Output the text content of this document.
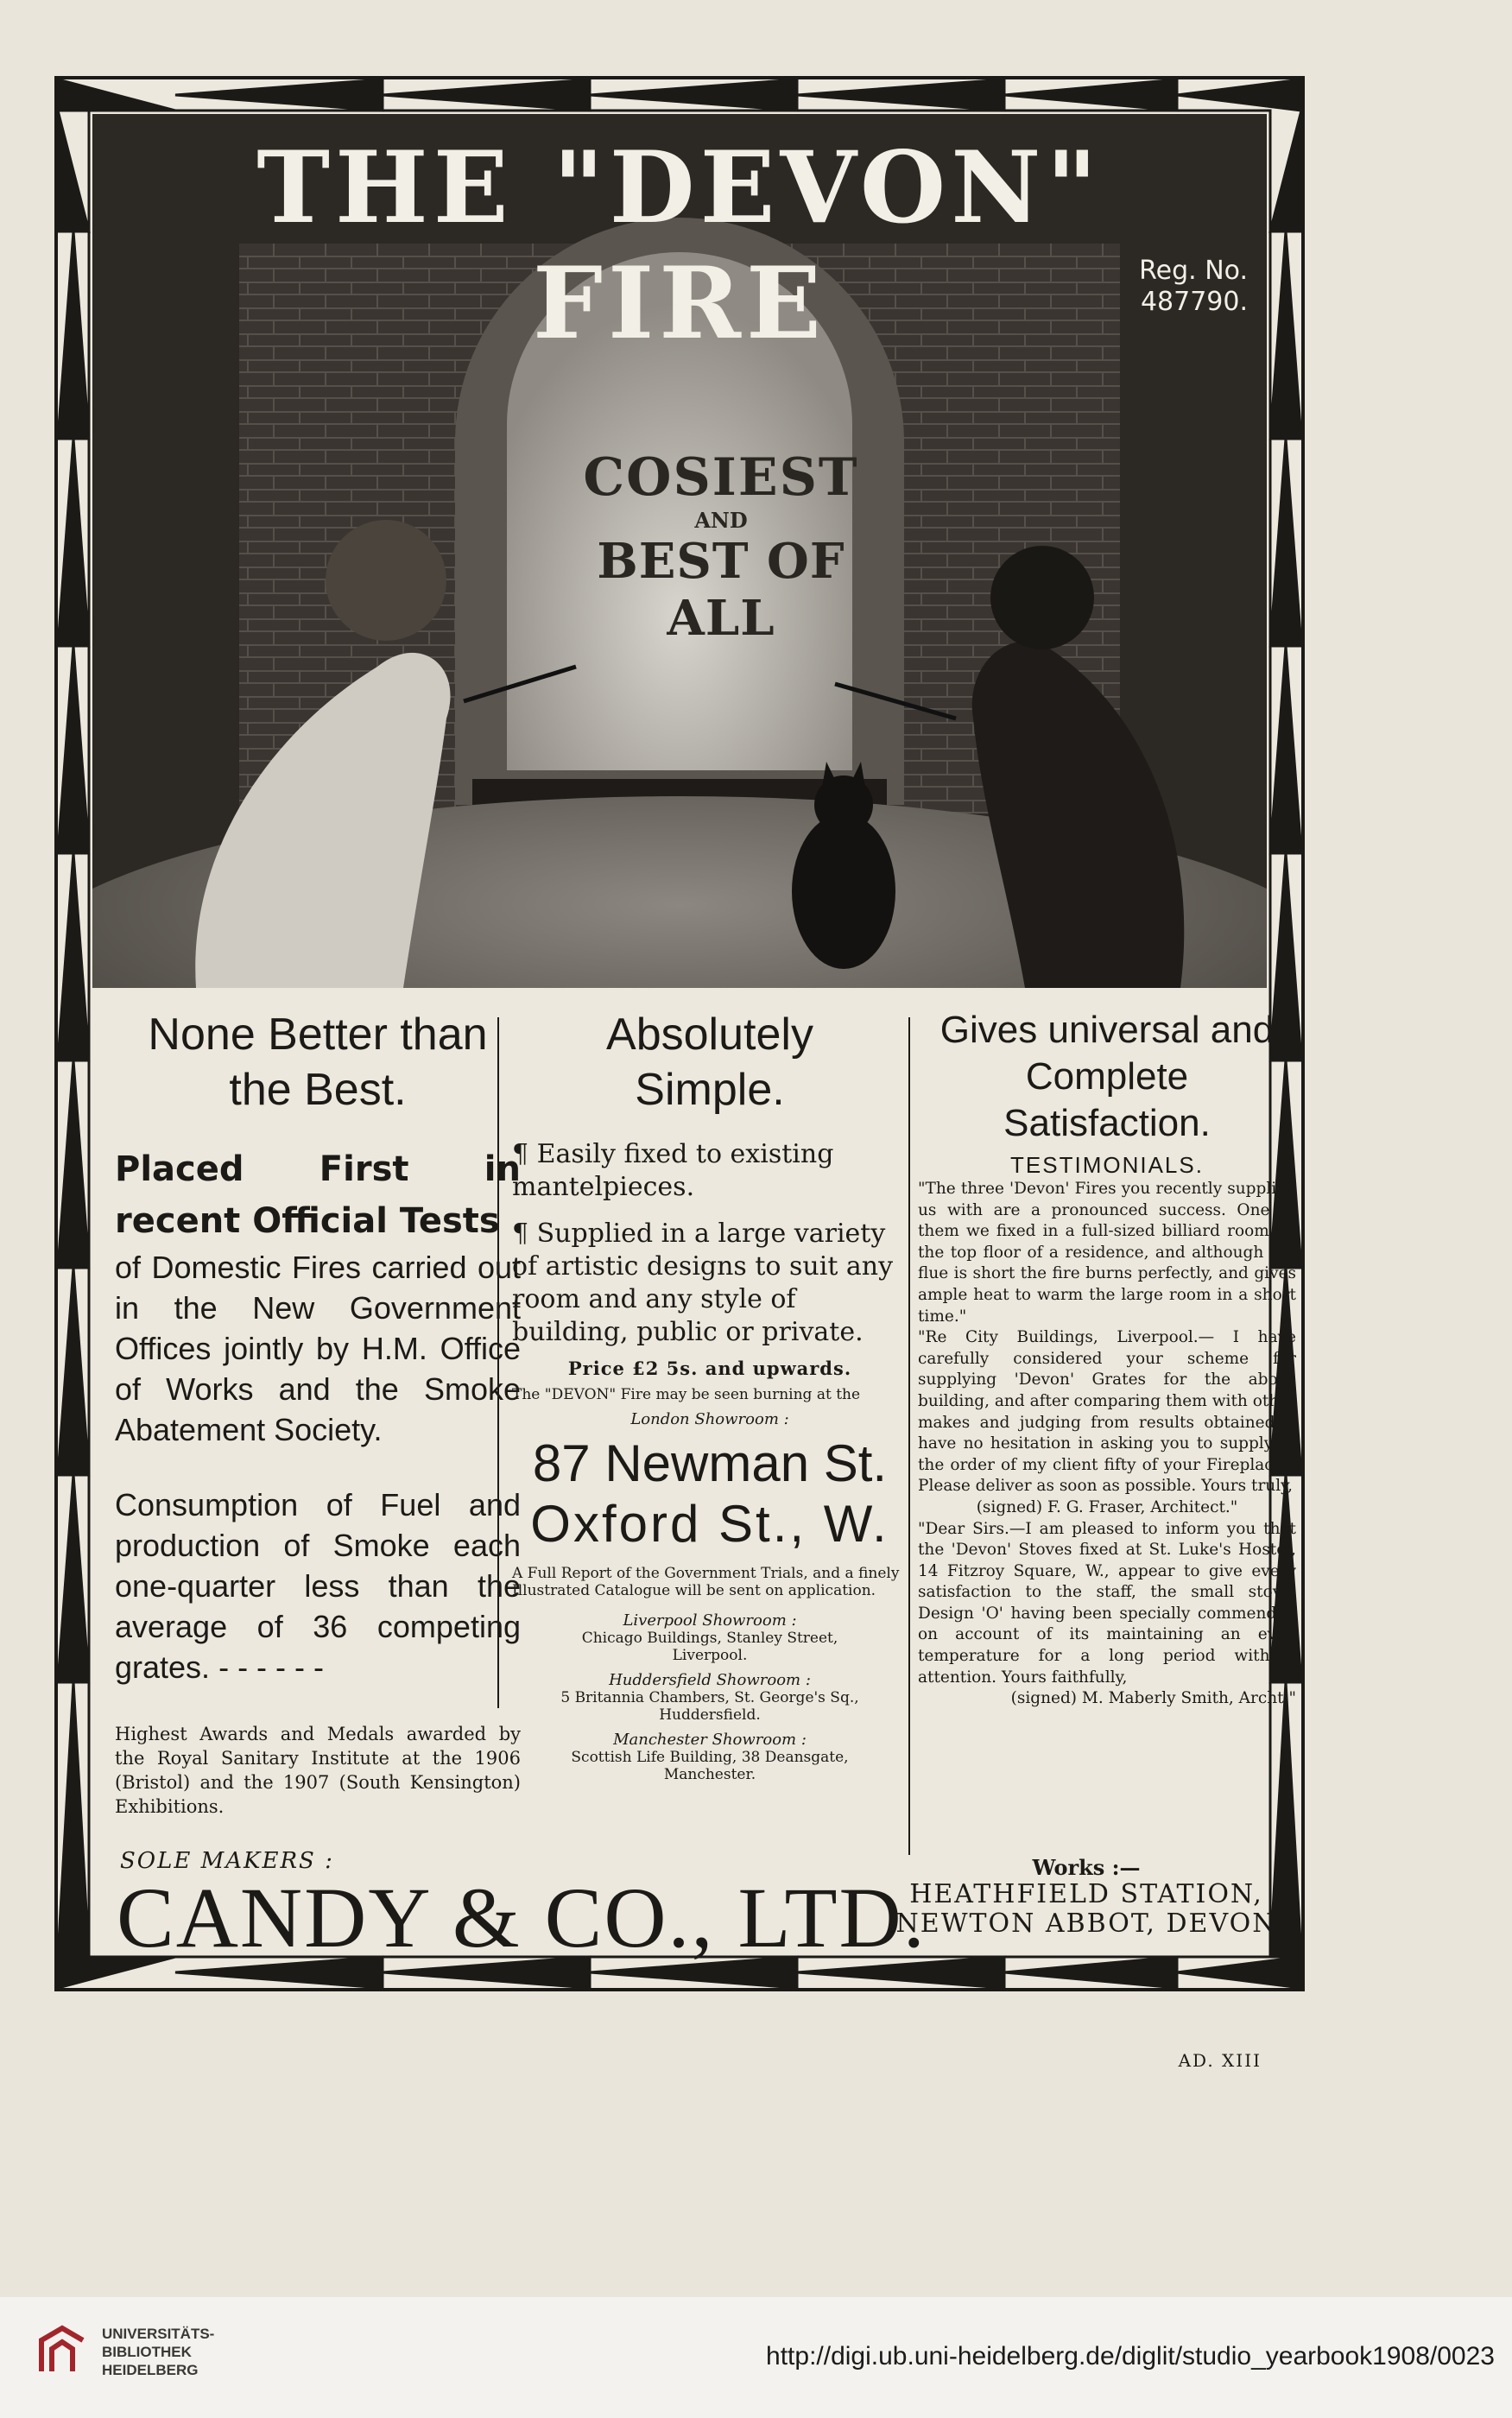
THE "DEVON" FIRE	Reg. No.
487790.
COSIEST
AND
BEST OF ALL
None Better than
the Best.
Placed First in recent Official Tests
of Domestic Fires carried out in the New Government Offices jointly by H.M. Office of Works and the Smoke Abatement Society.
Consumption of Fuel and production of Smoke each one-quarter less than the average of 36 competing grates. - - - - - -
Highest Awards and Medals awarded by the Royal Sanitary Institute at the 1906 (Bristol) and the 1907 (South Kensington) Exhibitions.
Absolutely
Simple.
¶ Easily fixed to existing mantelpieces.
¶ Supplied in a large variety of artistic designs to suit any room and any style of building, public or private.
Price £2 5s. and upwards.
The "DEVON" Fire may be seen burning at the
London Showroom :
87 Newman St.
Oxford St., W.
A Full Report of the Government Trials, and a finely Illustrated Catalogue will be sent on application.
Liverpool Showroom :
Chicago Buildings, Stanley Street,
Liverpool.
Huddersfield Showroom :
5 Britannia Chambers, St. George's Sq.,
Huddersfield.
Manchester Showroom :
Scottish Life Building, 38 Deansgate,
Manchester.
Gives universal and
Complete Satisfaction.
TESTIMONIALS.
"The three 'Devon' Fires you recently supplied us with are a pronounced success. One of them we fixed in a full-sized billiard room on the top floor of a residence, and although the flue is short the fire burns perfectly, and gives ample heat to warm the large room in a short time."
"Re City Buildings, Liverpool.— I have carefully considered your scheme for supplying 'Devon' Grates for the above building, and after comparing them with other makes and judging from results obtained, I have no hesitation in asking you to supply to the order of my client fifty of your Fireplaces. Please deliver as soon as possible. Yours truly,
(signed) F. G. Fraser, Architect."
"Dear Sirs.—I am pleased to inform you that the 'Devon' Stoves fixed at St. Luke's Hostel, 14 Fitzroy Square, W., appear to give every satisfaction to the staff, the small stove, Design 'O' having been specially commended on account of its maintaining an even temperature for a long period without attention. Yours faithfully,
(signed) M. Maberly Smith, Archt."
SOLE MAKERS :
CANDY & CO., LTD.
Works :—
HEATHFIELD STATION,
NEWTON ABBOT, DEVON
AD. XIII
UNIVERSITÄTS-
BIBLIOTHEK
HEIDELBERG	http://digi.ub.uni-heidelberg.de/diglit/studio_yearbook1908/0023
